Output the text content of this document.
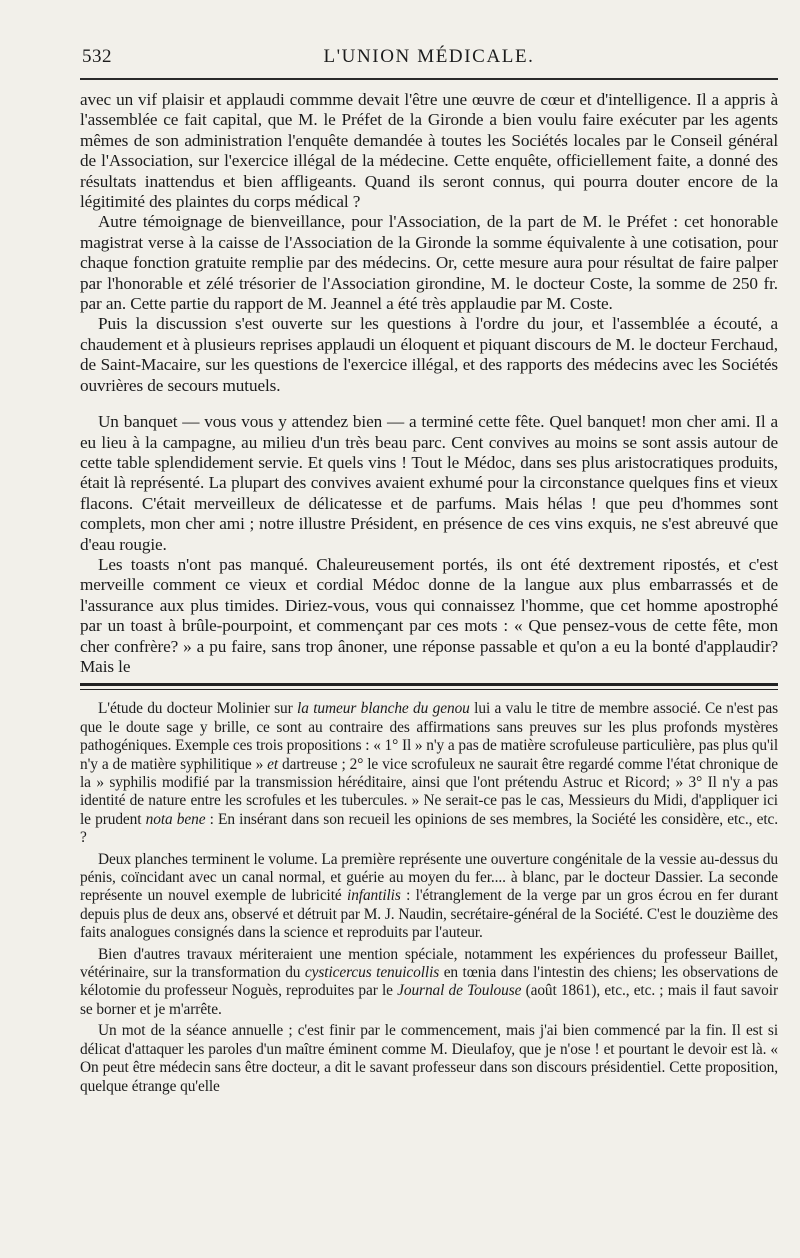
532	L'UNION MÉDICALE.

avec un vif plaisir et applaudi commme devait l'être une œuvre de cœur et d'intelligence. Il a appris à l'assemblée ce fait capital, que M. le Préfet de la Gironde a bien voulu faire exécuter par les agents mêmes de son administration l'enquête demandée à toutes les Sociétés locales par le Conseil général de l'Association, sur l'exercice illégal de la médecine. Cette enquête, officiellement faite, a donné des résultats inattendus et bien affligeants. Quand ils seront connus, qui pourra douter encore de la légitimité des plaintes du corps médical ?

Autre témoignage de bienveillance, pour l'Association, de la part de M. le Préfet : cet honorable magistrat verse à la caisse de l'Association de la Gironde la somme équivalente à une cotisation, pour chaque fonction gratuite remplie par des médecins. Or, cette mesure aura pour résultat de faire palper par l'honorable et zélé trésorier de l'Association girondine, M. le docteur Coste, la somme de 250 fr. par an. Cette partie du rapport de M. Jeannel a été très applaudie par M. Coste.

Puis la discussion s'est ouverte sur les questions à l'ordre du jour, et l'assemblée a écouté, a chaudement et à plusieurs reprises applaudi un éloquent et piquant discours de M. le docteur Ferchaud, de Saint-Macaire, sur les questions de l'exercice illégal, et des rapports des médecins avec les Sociétés ouvrières de secours mutuels.

Un banquet — vous vous y attendez bien — a terminé cette fête. Quel banquet! mon cher ami. Il a eu lieu à la campagne, au milieu d'un très beau parc. Cent convives au moins se sont assis autour de cette table splendidement servie. Et quels vins ! Tout le Médoc, dans ses plus aristocratiques produits, était là représenté. La plupart des convives avaient exhumé pour la circonstance quelques fins et vieux flacons. C'était merveilleux de délicatesse et de parfums. Mais hélas ! que peu d'hommes sont complets, mon cher ami ; notre illustre Président, en présence de ces vins exquis, ne s'est abreuvé que d'eau rougie.

Les toasts n'ont pas manqué. Chaleureusement portés, ils ont été dextrement ripostés, et c'est merveille comment ce vieux et cordial Médoc donne de la langue aux plus embarrassés et de l'assurance aux plus timides. Diriez-vous, vous qui connaissez l'homme, que cet homme apostrophé par un toast à brûle-pourpoint, et commençant par ces mots : « Que pensez-vous de cette fête, mon cher confrère? » a pu faire, sans trop ânoner, une réponse passable et qu'on a eu la bonté d'applaudir? Mais le

L'étude du docteur Molinier sur la tumeur blanche du genou lui a valu le titre de membre associé. Ce n'est pas que le doute sage y brille, ce sont au contraire des affirmations sans preuves sur les plus profonds mystères pathogéniques. Exemple ces trois propositions : « 1° Il » n'y a pas de matière scrofuleuse particulière, pas plus qu'il n'y a de matière syphilitique » et dartreuse ; 2° le vice scrofuleux ne saurait être regardé comme l'état chronique de la » syphilis modifié par la transmission héréditaire, ainsi que l'ont prétendu Astruc et Ricord; » 3° Il n'y a pas identité de nature entre les scrofules et les tubercules. » Ne serait-ce pas le cas, Messieurs du Midi, d'appliquer ici le prudent nota bene : En insérant dans son recueil les opinions de ses membres, la Société les considère, etc., etc. ?

Deux planches terminent le volume. La première représente une ouverture congénitale de la vessie au-dessus du pénis, coïncidant avec un canal normal, et guérie au moyen du fer.... à blanc, par le docteur Dassier. La seconde représente un nouvel exemple de lubricité infantilis : l'étranglement de la verge par un gros écrou en fer durant depuis plus de deux ans, observé et détruit par M. J. Naudin, secrétaire-général de la Société. C'est le douzième des faits analogues consignés dans la science et reproduits par l'auteur.

Bien d'autres travaux mériteraient une mention spéciale, notamment les expériences du professeur Baillet, vétérinaire, sur la transformation du cysticercus tenuicollis en tœnia dans l'intestin des chiens; les observations de kélotomie du professeur Noguès, reproduites par le Journal de Toulouse (août 1861), etc., etc. ; mais il faut savoir se borner et je m'arrête.

Un mot de la séance annuelle ; c'est finir par le commencement, mais j'ai bien commencé par la fin. Il est si délicat d'attaquer les paroles d'un maître éminent comme M. Dieulafoy, que je n'ose ! et pourtant le devoir est là. « On peut être médecin sans être docteur, a dit le savant professeur dans son discours présidentiel. Cette proposition, quelque étrange qu'elle
